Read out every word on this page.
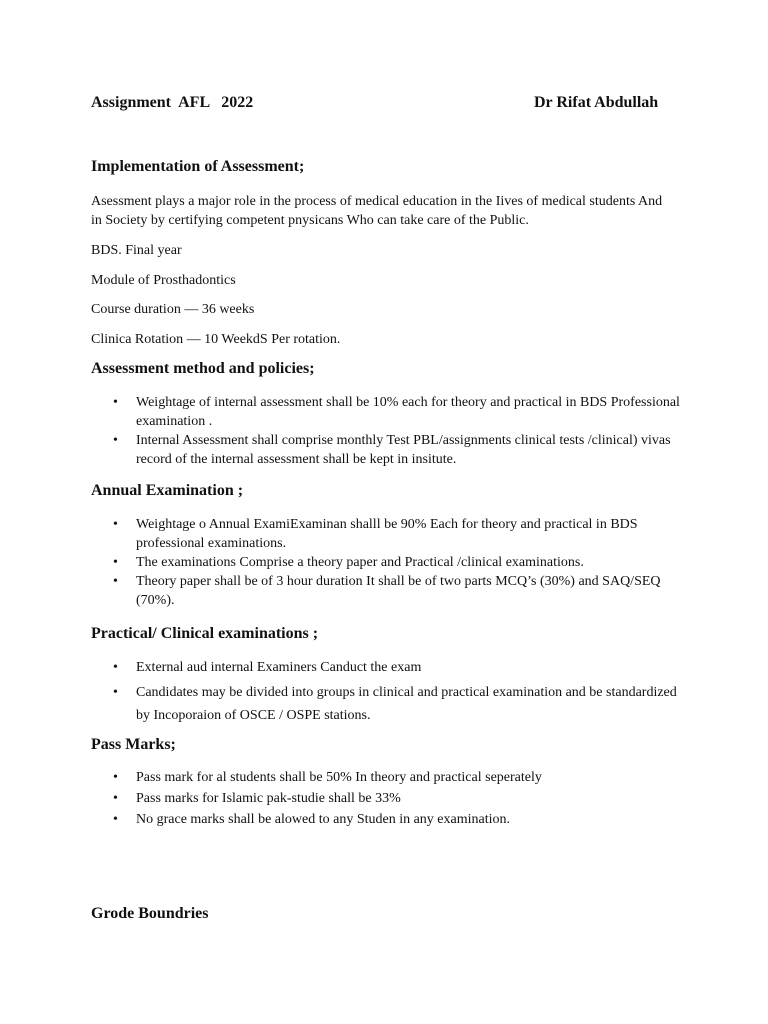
Assignment  AFL   2022	Dr Rifat Abdullah
Implementation of Assessment;
Asessment plays a major role in the process of medical education in the Iives of medical students And in Society by certifying competent pnysicans Who can take care of the Public.
BDS. Final year
Module of Prosthadontics
Course duration — 36 weeks
Clinica Rotation — 10 WeekdS Per rotation.
Assessment method and policies;
• Weightage of internal assessment shall be 10% each for theory and practical in BDS Professional examination .
• Internal Assessment shall comprise monthly Test PBL/assignments clinical tests /clinical) vivas record of the internal assessment shall be kept in insitute.
Annual Examination ;
• Weightage o Annual ExamiExaminan shalll be 90% Each for theory and practical in BDS professional examinations.
• The examinations Comprise a theory paper and Practical /clinical examinations.
• Theory paper shall be of 3 hour duration It shall be of two parts MCQ’s (30%) and SAQ/SEQ (70%).
Practical/ Clinical examinations ;
• External aud internal Examiners Canduct the exam
• Candidates may be divided into groups in clinical and practical examination and be standardized by Incoporaion of OSCE / OSPE stations.
Pass Marks;
• Pass mark for al students shall be 50% In theory and practical seperately
• Pass marks for Islamic pak-studie shall be 33%
• No grace marks shall be alowed to any Studen in any examination.
Grode Boundries
